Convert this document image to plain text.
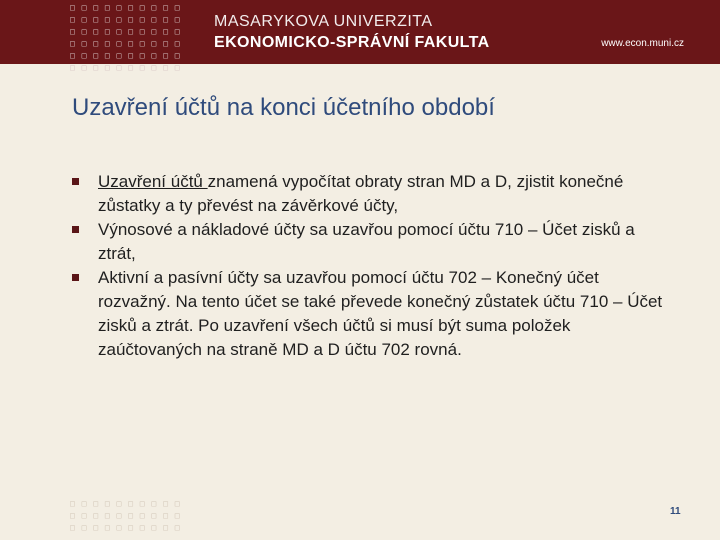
□ □ □ □ □ □ □ □ □ □
□ □ □ □ □ □ □ □ □ □
□ □ □ □ □ □ □ □ □ □
□ □ □ □ □ □ □ □ □ □
□ □ □ □ □ □ □ □ □ □
□ □ □ □ □ □ □ □ □ □
MASARYKOVA UNIVERZITA
EKONOMICKO-SPRÁVNÍ FAKULTA	www.econ.muni.cz
Uzavření účtů na konci účetního období
Uzavření účtů znamená vypočítat obraty stran MD a D, zjistit konečné zůstatky a ty převést na závěrkové účty,
Výnosové a nákladové účty sa uzavřou pomocí účtu 710 – Účet zisků a ztrát,
Aktivní a pasívní účty sa uzavřou pomocí účtu 702 – Konečný účet rozvažný. Na tento účet se také převede konečný zůstatek účtu 710 – Účet zisků a ztrát. Po uzavření všech účtů si musí být suma položek zaúčtovaných na straně MD a D účtu 702 rovná.
□ □ □ □ □ □ □ □ □ □
□ □ □ □ □ □ □ □ □ □
□ □ □ □ □ □ □ □ □ □
11
